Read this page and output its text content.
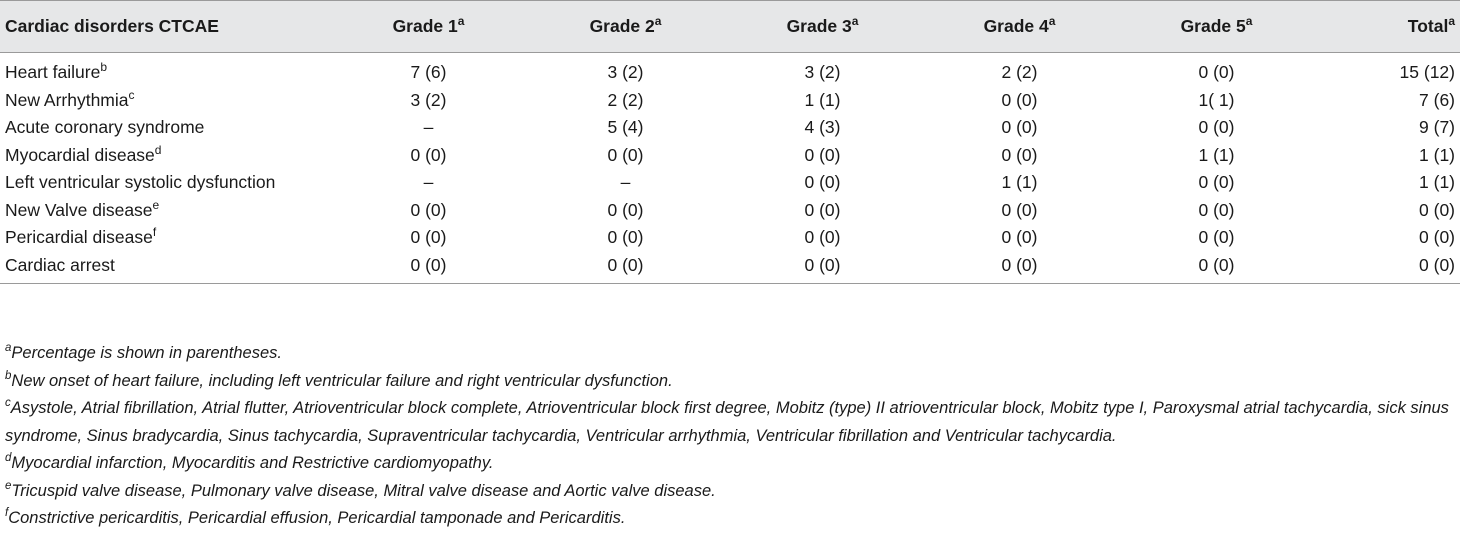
Cardiac disorders CTCAE	Grade 1$^a$	Grade 2$^a$	Grade 3$^a$	Grade 4$^a$	Grade 5$^a$	Total$^a$
Heart failure$^b$	7 (6)	3 (2)	3 (2)	2 (2)	0 (0)	15 (12)
New Arrhythmia$^c$	3 (2)	2 (2)	1 (1)	0 (0)	1( 1)	7 (6)
Acute coronary syndrome	–	5 (4)	4 (3)	0 (0)	0 (0)	9 (7)
Myocardial disease$^d$	0 (0)	0 (0)	0 (0)	0 (0)	1 (1)	1 (1)
Left ventricular systolic dysfunction	–	–	0 (0)	1 (1)	0 (0)	1 (1)
New Valve disease$^e$	0 (0)	0 (0)	0 (0)	0 (0)	0 (0)	0 (0)
Pericardial disease$^f$	0 (0)	0 (0)	0 (0)	0 (0)	0 (0)	0 (0)
Cardiac arrest	0 (0)	0 (0)	0 (0)	0 (0)	0 (0)	0 (0)
$^a$Percentage is shown in parentheses.
$^b$New onset of heart failure, including left ventricular failure and right ventricular dysfunction.
$^c$Asystole, Atrial fibrillation, Atrial flutter, Atrioventricular block complete, Atrioventricular block first degree, Mobitz (type) II atrioventricular block, Mobitz type I, Paroxysmal atrial tachycardia, sick sinus syndrome, Sinus bradycardia, Sinus tachycardia, Supraventricular tachycardia, Ventricular arrhythmia, Ventricular fibrillation and Ventricular tachycardia.
$^d$Myocardial infarction, Myocarditis and Restrictive cardiomyopathy.
$^e$Tricuspid valve disease, Pulmonary valve disease, Mitral valve disease and Aortic valve disease.
$^f$Constrictive pericarditis, Pericardial effusion, Pericardial tamponade and Pericarditis.
